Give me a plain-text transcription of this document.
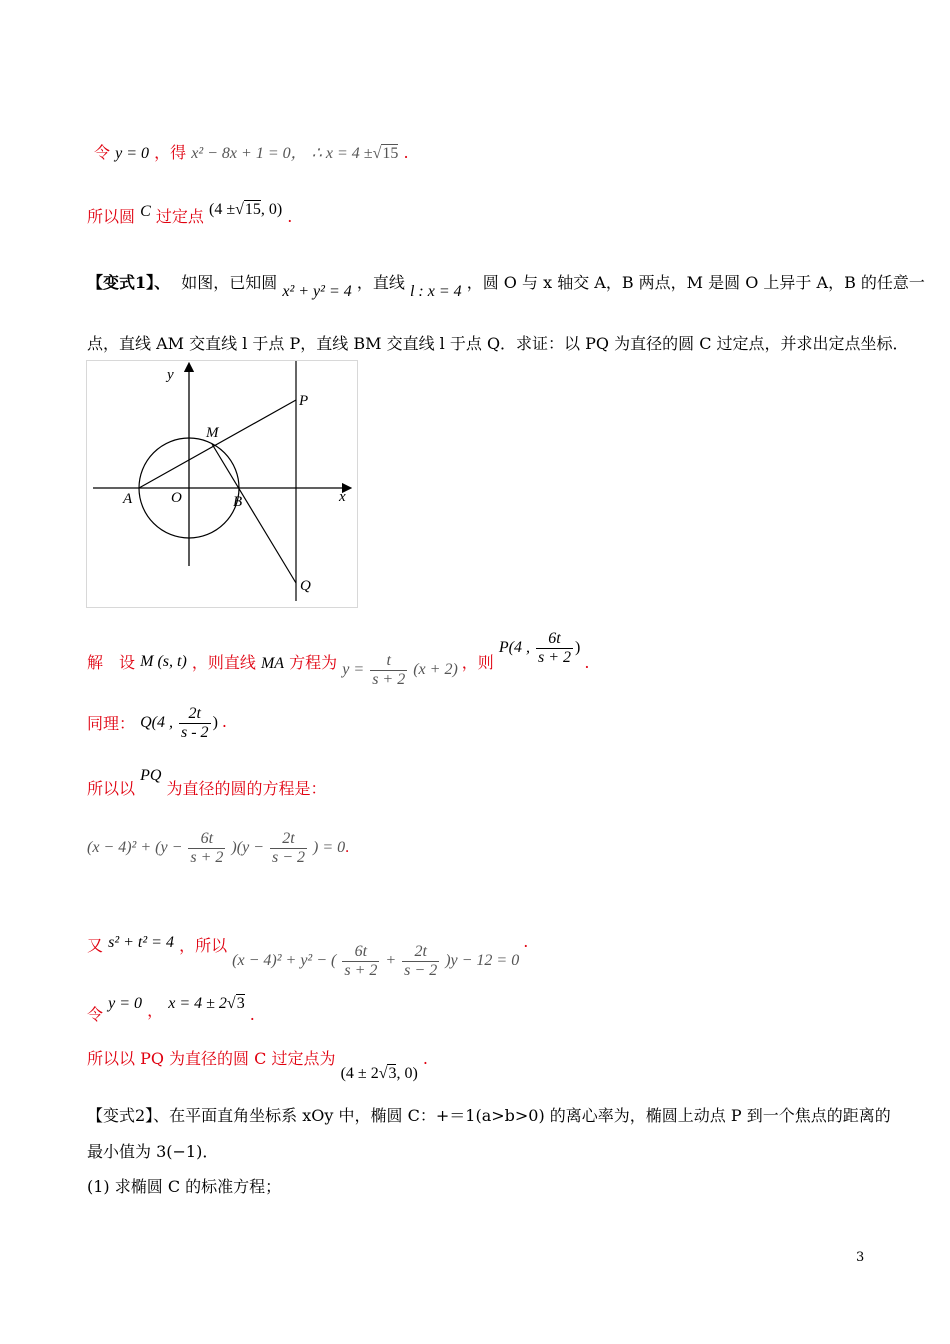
令 y = 0 ，得 x² − 8x + 1 = 0， ∴ x = 4 ±√15 .
所以圆 C 过定点 (4 ±√15, 0) .
【变式1】、 如图，已知圆 x² + y² = 4 ，直线 l : x = 4 ，圆 O 与 x 轴交 A，B 两点，M 是圆 O 上异于 A，B 的任意一
点，直线 AM 交直线 l 于点 P，直线 BM 交直线 l 于点 Q．求证：以 PQ 为直径的圆 C 过定点，并求出定点坐标．
y
x
O
A	B
M
P
Q
解　设 M (s, t) ，则直线 MA 方程为 $y = \frac{t}{s + 2} (x + 2)$ ，则 P(4 , $\frac{6t}{s + 2}$ ) .
同理： Q(4 , $\frac{2t}{s - 2}$ ) .
所以以 PQ 为直径的圆的方程是：
$(x - 4)^2 + (y - \frac{6t}{s + 2} )(y - \frac{2t}{s - 2}$ ) = 0.
又 s² + t² = 4 ，所以 (x − 4)² + y² − ( $\frac{6t}{s + 2} + \frac{2t}{s - 2} )y - 12 = 0$ .
令 y = 0 ， x = 4 ± 2√3 .
所以以 PQ 为直径的圆 C 过定点为 (4 ± 2√3, 0) .
【变式2】、在平面直角坐标系 xOy 中，椭圆 C：+＝1(a>b>0) 的离心率为，椭圆上动点 P 到一个焦点的距离的
最小值为 3(−1)．
(1) 求椭圆 C 的标准方程；
3
